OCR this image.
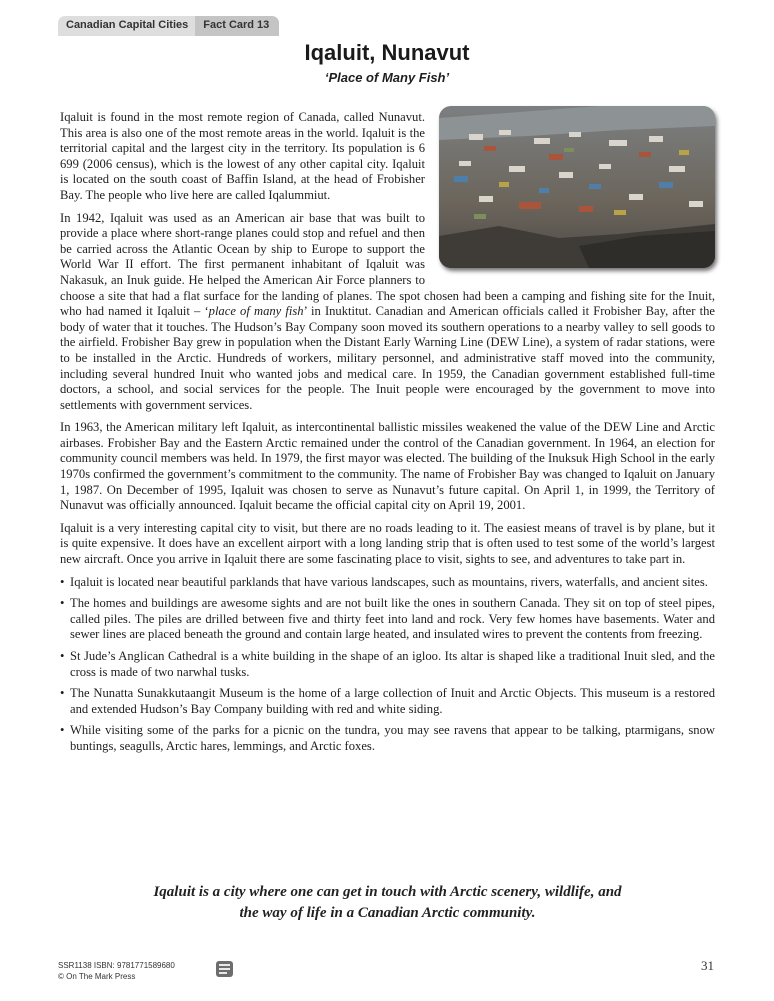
Canadian Capital Cities	Fact Card 13
Iqaluit, Nunavut
‘Place of Many Fish’

Iqaluit is found in the most remote region of Canada, called Nunavut. This area is also one of the most remote areas in the world. Iqaluit is the territorial capital and the largest city in the territory. Its population is 6 699 (2006 census), which is the lowest of any other capital city. Iqaluit is located on the south coast of Baffin Island, at the head of Frobisher Bay. The people who live here are called Iqalummiut.

In 1942, Iqaluit was used as an American air base that was built to provide a place where short-range planes could stop and refuel and then be carried across the Atlantic Ocean by ship to Europe to support the World War II effort. The first permanent inhabitant of Iqaluit was Nakasuk, an Inuk guide. He helped the American Air Force planners to choose a site that had a flat surface for the landing of planes. The spot chosen had been a camping and fishing site for the Inuit, who had named it Iqaluit – ‘place of many fish’ in Inuktitut. Canadian and American officials called it Frobisher Bay, after the body of water that it touches. The Hudson’s Bay Company soon moved its southern operations to a nearby valley to sell goods to the airfield. Frobisher Bay grew in population when the Distant Early Warning Line (DEW Line), a system of radar stations, were to be installed in the Arctic. Hundreds of workers, military personnel, and administrative staff moved into the community, including several hundred Inuit who wanted jobs and medical care. In 1959, the Canadian government established full-time doctors, a school, and social services for the people. The Inuit people were encouraged by the government to move into settlements with government services.

In 1963, the American military left Iqaluit, as intercontinental ballistic missiles weakened the value of the DEW Line and Arctic airbases. Frobisher Bay and the Eastern Arctic remained under the control of the Canadian government. In 1964, an election for community council members was held. In 1979, the first mayor was elected. The building of the Inuksuk High School in the early 1970s confirmed the government’s commitment to the community. The name of Frobisher Bay was changed to Iqaluit on January 1, 1987. On December of 1995, Iqaluit was chosen to serve as Nunavut’s future capital. On April 1, in 1999, the Territory of Nunavut was officially announced. Iqaluit became the official capital city on April 19, 2001.

Iqaluit is a very interesting capital city to visit, but there are no roads leading to it. The easiest means of travel is by plane, but it is quite expensive. It does have an excellent airport with a long landing strip that is often used to test some of the world’s largest new aircraft. Once you arrive in Iqaluit there are some fascinating place to visit, sights to see, and adventures to take part in.

• Iqaluit is located near beautiful parklands that have various landscapes, such as mountains, rivers, waterfalls, and ancient sites.
• The homes and buildings are awesome sights and are not built like the ones in southern Canada. They sit on top of steel pipes, called piles. The piles are drilled between five and thirty feet into land and rock. Very few homes have basements. Water and sewer lines are placed beneath the ground and contain large heated, and insulated wires to prevent the contents from freezing.
• St Jude’s Anglican Cathedral is a white building in the shape of an igloo. Its altar is shaped like a traditional Inuit sled, and the cross is made of two narwhal tusks.
• The Nunatta Sunakkutaangit Museum is the home of a large collection of Inuit and Arctic Objects. This museum is a restored and extended Hudson’s Bay Company building with red and white siding.
• While visiting some of the parks for a picnic on the tundra, you may see ravens that appear to be talking, ptarmigans, snow buntings, seagulls, Arctic hares, lemmings, and Arctic foxes.
Iqaluit is a city where one can get in touch with Arctic scenery, wildlife, and
the way of life in a Canadian Arctic community.
SSR1138 ISBN: 9781771589680
© On The Mark Press
31
